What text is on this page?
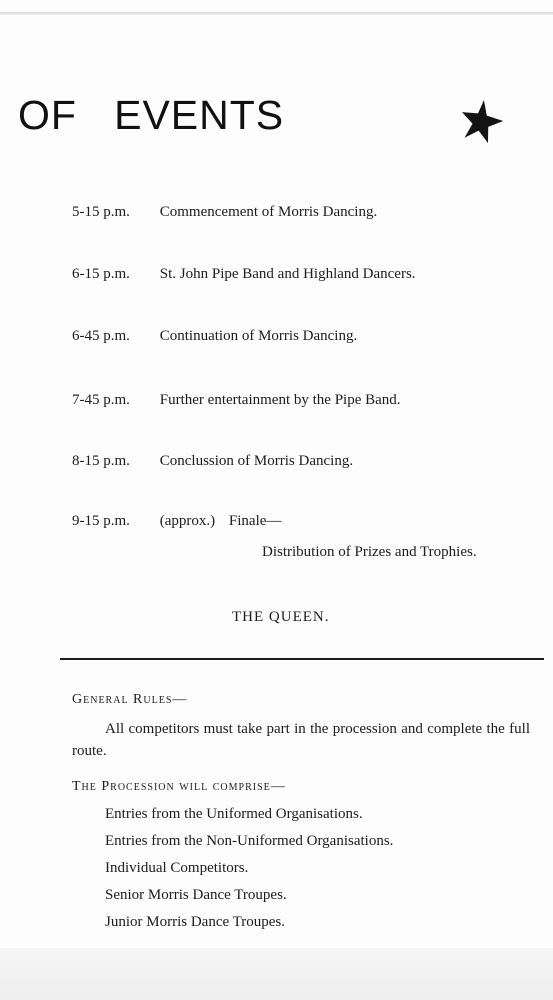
OF   EVENTS
5-15 p.m. Commencement of Morris Dancing.
6-15 p.m. St. John Pipe Band and Highland Dancers.
6-45 p.m. Continuation of Morris Dancing.
7-45 p.m. Further entertainment by the Pipe Band.
8-15 p.m. Conclussion of Morris Dancing.
9-15 p.m. (approx.) Finale—
Distribution of Prizes and Trophies.
THE QUEEN.
General Rules—
All competitors must take part in the procession and complete the full route.
The Procession will comprise—
Entries from the Uniformed Organisations.
Entries from the Non-Uniformed Organisations.
Individual Competitors.
Senior Morris Dance Troupes.
Junior Morris Dance Troupes.
